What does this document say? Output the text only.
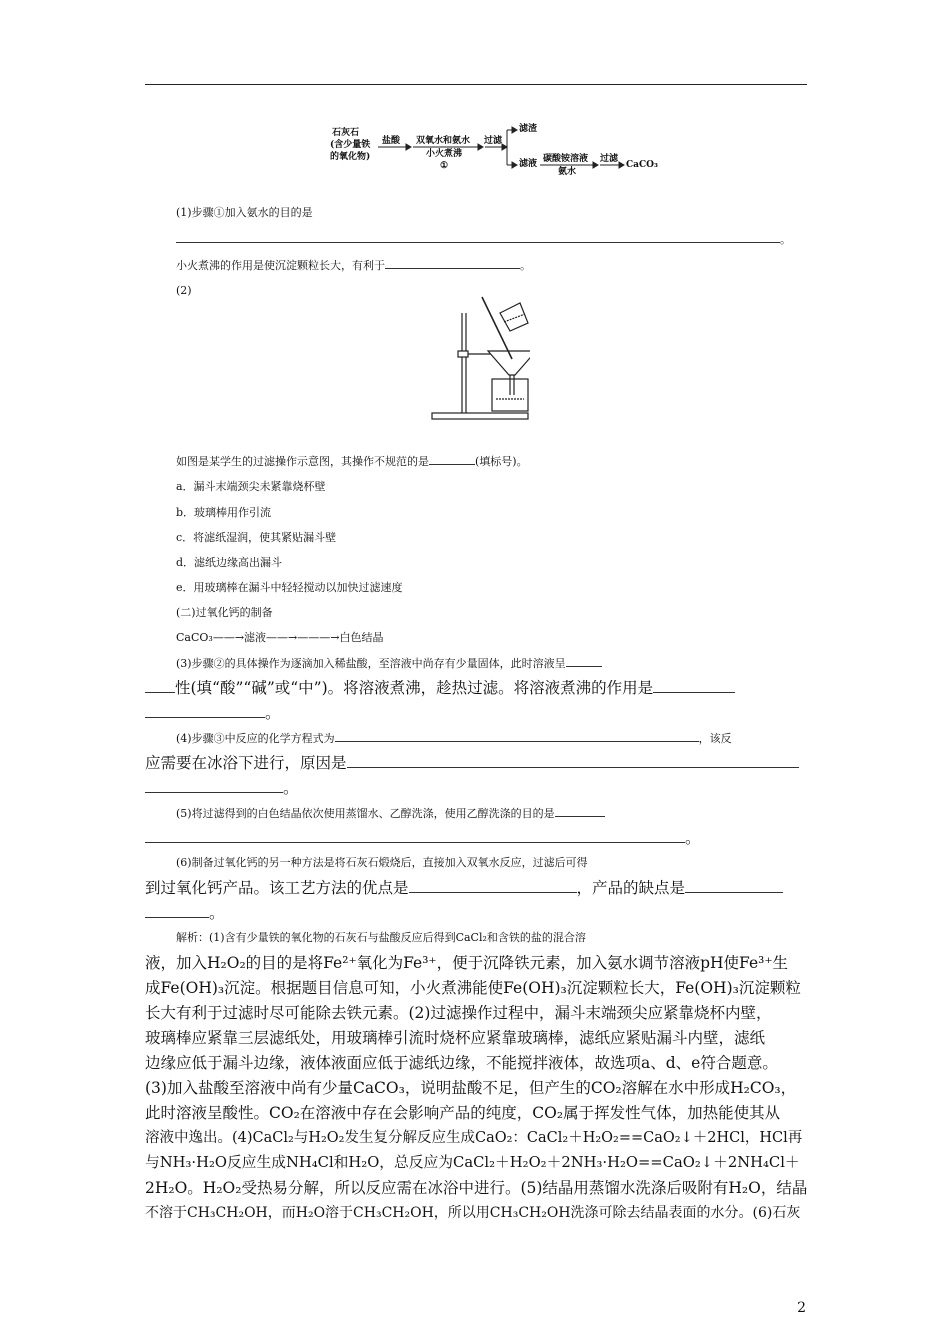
石灰石
(含少量铁
的氧化物)
盐酸 双氧水和氨水
小火煮沸
①
过滤
滤渣
滤液 碳酸铵溶液
氨水
过滤
CaCO₃
(1)步骤①加入氨水的目的是
。
小火煮沸的作用是使沉淀颗粒长大，有利于	。
(2)
如图是某学生的过滤操作示意图，其操作不规范的是	(填标号)。
a．漏斗末端颈尖未紧靠烧杯壁
b．玻璃棒用作引流
c．将滤纸湿润，使其紧贴漏斗壁
d．滤纸边缘高出漏斗
e．用玻璃棒在漏斗中轻轻搅动以加快过滤速度
(二)过氧化钙的制备
CaCO₃——→滤液——→———→白色结晶
(3)步骤②的具体操作为逐滴加入稀盐酸，至溶液中尚存有少量固体，此时溶液呈
性(填“酸”“碱”或“中”)。将溶液煮沸，趁热过滤。将溶液煮沸的作用是
。
(4)步骤③中反应的化学方程式为	，该反
应需要在冰浴下进行，原因是
。
(5)将过滤得到的白色结晶依次使用蒸馏水、乙醇洗涤，使用乙醇洗涤的目的是
。
(6)制备过氧化钙的另一种方法是将石灰石煅烧后，直接加入双氧水反应，过滤后可得
到过氧化钙产品。该工艺方法的优点是	，产品的缺点是
。
解析：(1)含有少量铁的氧化物的石灰石与盐酸反应后得到CaCl₂和含铁的盐的混合溶
液，加入H₂O₂的目的是将Fe²⁺氧化为Fe³⁺，便于沉降铁元素，加入氨水调节溶液pH使Fe³⁺生
成Fe(OH)₃沉淀。根据题目信息可知，小火煮沸能使Fe(OH)₃沉淀颗粒长大，Fe(OH)₃沉淀颗粒
长大有利于过滤时尽可能除去铁元素。(2)过滤操作过程中，漏斗末端颈尖应紧靠烧杯内壁，
玻璃棒应紧靠三层滤纸处，用玻璃棒引流时烧杯应紧靠玻璃棒，滤纸应紧贴漏斗内壁，滤纸
边缘应低于漏斗边缘，液体液面应低于滤纸边缘，不能搅拌液体，故选项a、d、e符合题意。
(3)加入盐酸至溶液中尚有少量CaCO₃，说明盐酸不足，但产生的CO₂溶解在水中形成H₂CO₃，
此时溶液呈酸性。CO₂在溶液中存在会影响产品的纯度，CO₂属于挥发性气体，加热能使其从
溶液中逸出。(4)CaCl₂与H₂O₂发生复分解反应生成CaO₂：CaCl₂＋H₂O₂==CaO₂↓＋2HCl，HCl再
与NH₃·H₂O反应生成NH₄Cl和H₂O，总反应为CaCl₂＋H₂O₂＋2NH₃·H₂O==CaO₂↓＋2NH₄Cl＋
2H₂O。H₂O₂受热易分解，所以反应需在冰浴中进行。(5)结晶用蒸馏水洗涤后吸附有H₂O，结晶
不溶于CH₃CH₂OH，而H₂O溶于CH₃CH₂OH，所以用CH₃CH₂OH洗涤可除去结晶表面的水分。(6)石灰
2
